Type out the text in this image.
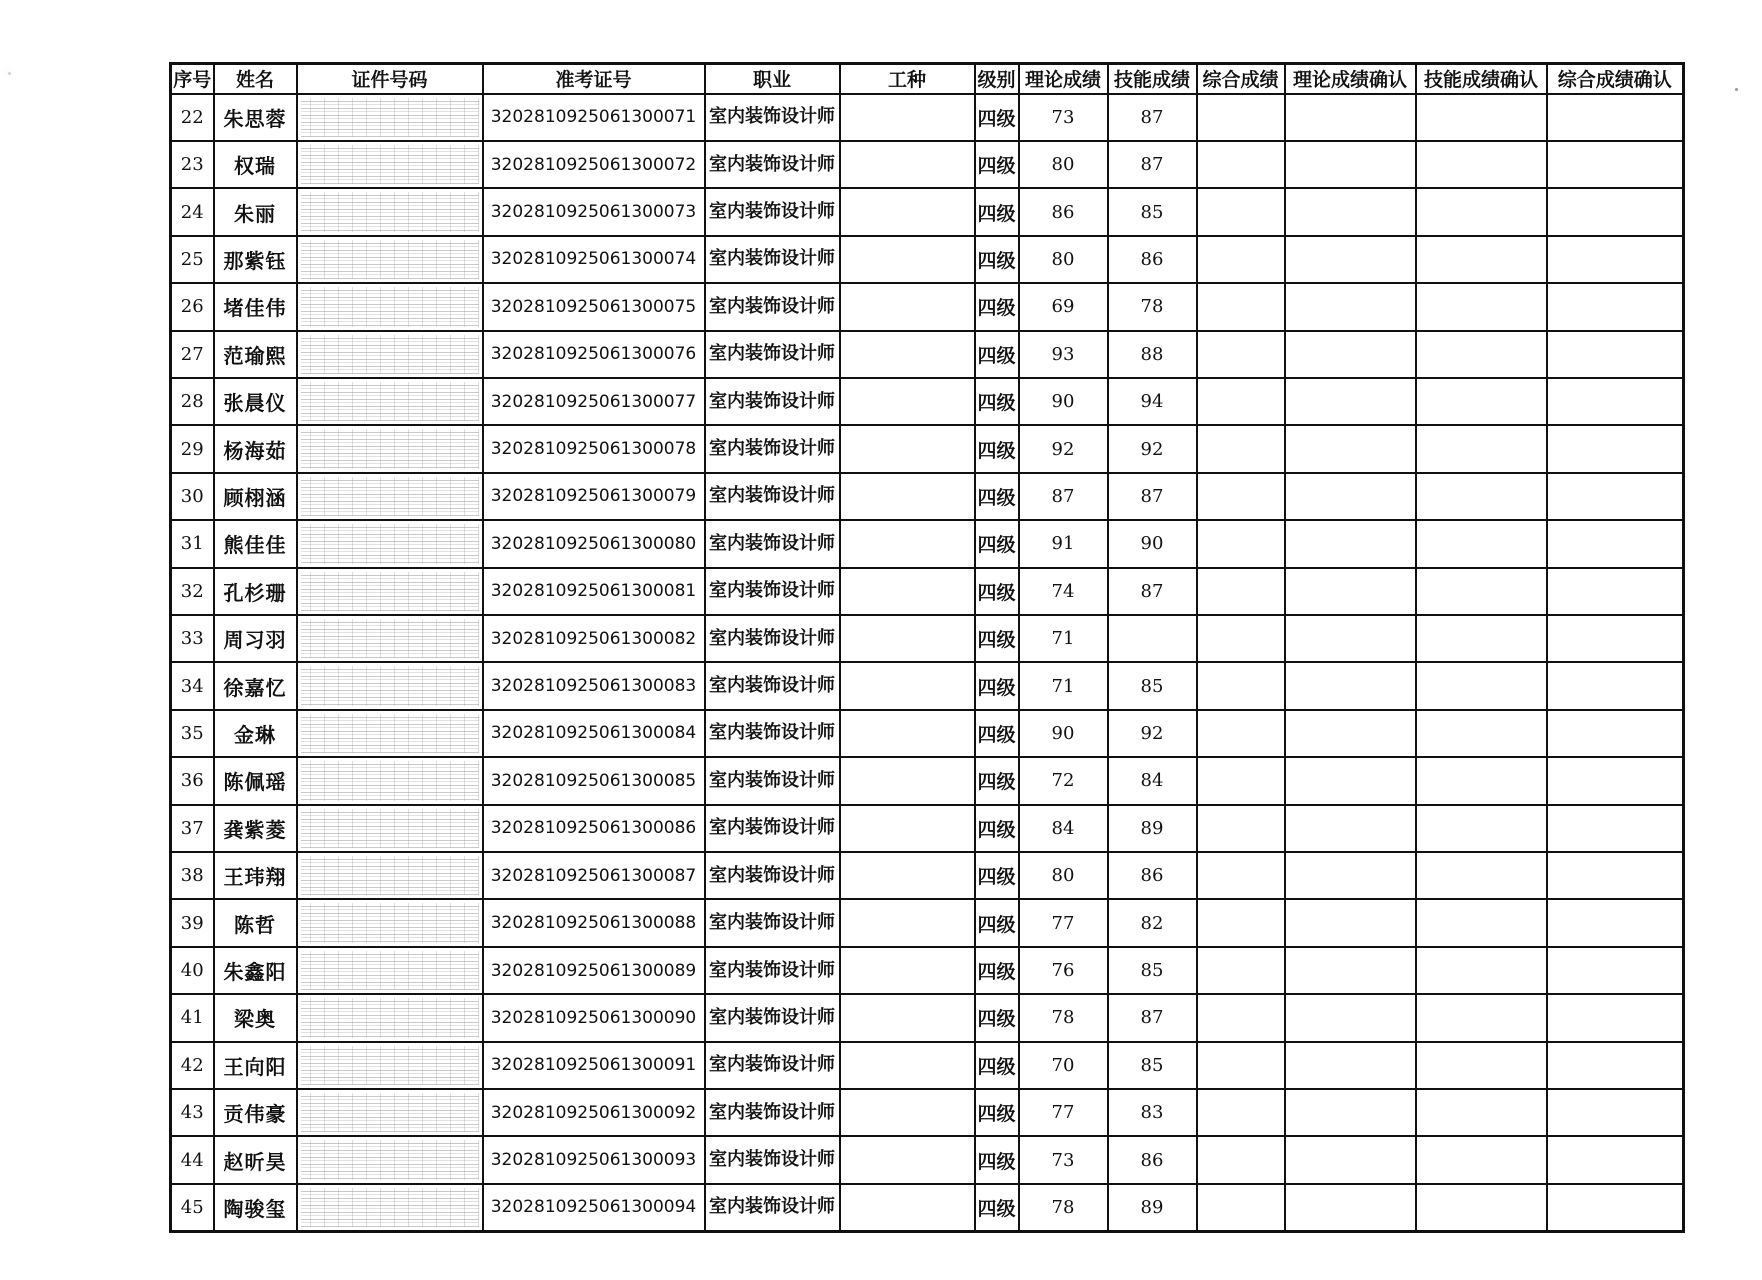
序号	姓名	证件号码	准考证号	职业	工种	级别	理论成绩	技能成绩	综合成绩	理论成绩确认	技能成绩确认	综合成绩确认
22	朱思蓉		3202810925061300071	室内装饰设计师		四级	73	87				
23	权瑞		3202810925061300072	室内装饰设计师		四级	80	87				
24	朱丽		3202810925061300073	室内装饰设计师		四级	86	85				
25	那紫钰		3202810925061300074	室内装饰设计师		四级	80	86				
26	堵佳伟		3202810925061300075	室内装饰设计师		四级	69	78				
27	范瑜熙		3202810925061300076	室内装饰设计师		四级	93	88				
28	张晨仪		3202810925061300077	室内装饰设计师		四级	90	94				
29	杨海茹		3202810925061300078	室内装饰设计师		四级	92	92				
30	顾栩涵		3202810925061300079	室内装饰设计师		四级	87	87				
31	熊佳佳		3202810925061300080	室内装饰设计师		四级	91	90				
32	孔杉珊		3202810925061300081	室内装饰设计师		四级	74	87				
33	周习羽		3202810925061300082	室内装饰设计师		四级	71					
34	徐嘉忆		3202810925061300083	室内装饰设计师		四级	71	85				
35	金琳		3202810925061300084	室内装饰设计师		四级	90	92				
36	陈佩瑶		3202810925061300085	室内装饰设计师		四级	72	84				
37	龚紫菱		3202810925061300086	室内装饰设计师		四级	84	89				
38	王玮翔		3202810925061300087	室内装饰设计师		四级	80	86				
39	陈哲		3202810925061300088	室内装饰设计师		四级	77	82				
40	朱鑫阳		3202810925061300089	室内装饰设计师		四级	76	85				
41	梁奥		3202810925061300090	室内装饰设计师		四级	78	87				
42	王向阳		3202810925061300091	室内装饰设计师		四级	70	85				
43	贡伟豪		3202810925061300092	室内装饰设计师		四级	77	83				
44	赵昕昊		3202810925061300093	室内装饰设计师		四级	73	86				
45	陶骏玺		3202810925061300094	室内装饰设计师		四级	78	89				
